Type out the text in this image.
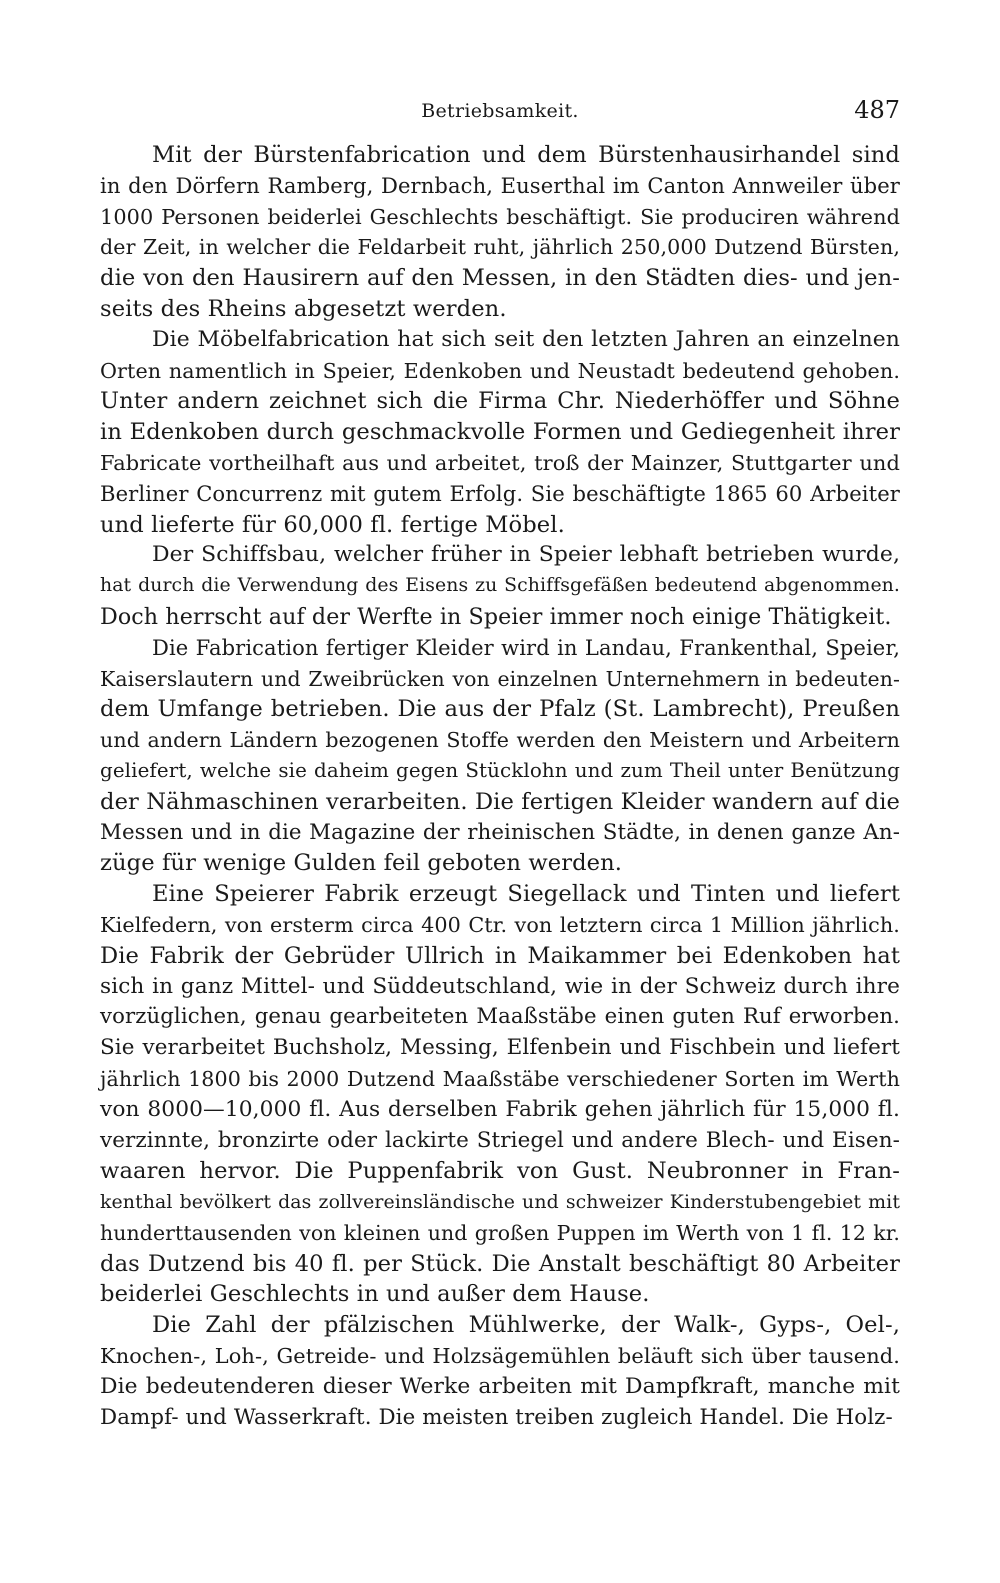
Betriebsamkeit.	487
Mit der Bürstenfabrication und dem Bürstenhausirhandel sind
in den Dörfern Ramberg, Dernbach, Euserthal im Canton Annweiler über
1000 Personen beiderlei Geschlechts beschäftigt. Sie produciren während
der Zeit, in welcher die Feldarbeit ruht, jährlich 250,000 Dutzend Bürsten,
die von den Hausirern auf den Messen, in den Städten dies- und jen-
seits des Rheins abgesetzt werden.
Die Möbelfabrication hat sich seit den letzten Jahren an einzelnen
Orten namentlich in Speier, Edenkoben und Neustadt bedeutend gehoben.
Unter andern zeichnet sich die Firma Chr. Niederhöffer und Söhne
in Edenkoben durch geschmackvolle Formen und Gediegenheit ihrer
Fabricate vortheilhaft aus und arbeitet, troß der Mainzer, Stuttgarter und
Berliner Concurrenz mit gutem Erfolg. Sie beschäftigte 1865 60 Arbeiter
und lieferte für 60,000 fl. fertige Möbel.
Der Schiffsbau, welcher früher in Speier lebhaft betrieben wurde,
hat durch die Verwendung des Eisens zu Schiffsgefäßen bedeutend abgenommen.
Doch herrscht auf der Werfte in Speier immer noch einige Thätigkeit.
Die Fabrication fertiger Kleider wird in Landau, Frankenthal, Speier,
Kaiserslautern und Zweibrücken von einzelnen Unternehmern in bedeuten-
dem Umfange betrieben. Die aus der Pfalz (St. Lambrecht), Preußen
und andern Ländern bezogenen Stoffe werden den Meistern und Arbeitern
geliefert, welche sie daheim gegen Stücklohn und zum Theil unter Benützung
der Nähmaschinen verarbeiten. Die fertigen Kleider wandern auf die
Messen und in die Magazine der rheinischen Städte, in denen ganze An-
züge für wenige Gulden feil geboten werden.
Eine Speierer Fabrik erzeugt Siegellack und Tinten und liefert
Kielfedern, von ersterm circa 400 Ctr. von letztern circa 1 Million jährlich.
Die Fabrik der Gebrüder Ullrich in Maikammer bei Edenkoben hat
sich in ganz Mittel- und Süddeutschland, wie in der Schweiz durch ihre
vorzüglichen, genau gearbeiteten Maaßstäbe einen guten Ruf erworben.
Sie verarbeitet Buchsholz, Messing, Elfenbein und Fischbein und liefert
jährlich 1800 bis 2000 Dutzend Maaßstäbe verschiedener Sorten im Werth
von 8000—10,000 fl. Aus derselben Fabrik gehen jährlich für 15,000 fl.
verzinnte, bronzirte oder lackirte Striegel und andere Blech- und Eisen-
waaren hervor. Die Puppenfabrik von Gust. Neubronner in Fran-
kenthal bevölkert das zollvereinsländische und schweizer Kinderstubengebiet mit
hunderttausenden von kleinen und großen Puppen im Werth von 1 fl. 12 kr.
das Dutzend bis 40 fl. per Stück. Die Anstalt beschäftigt 80 Arbeiter
beiderlei Geschlechts in und außer dem Hause.
Die Zahl der pfälzischen Mühlwerke, der Walk-, Gyps-, Oel-,
Knochen-, Loh-, Getreide- und Holzsägemühlen beläuft sich über tausend.
Die bedeutenderen dieser Werke arbeiten mit Dampfkraft, manche mit
Dampf- und Wasserkraft. Die meisten treiben zugleich Handel. Die Holz-
